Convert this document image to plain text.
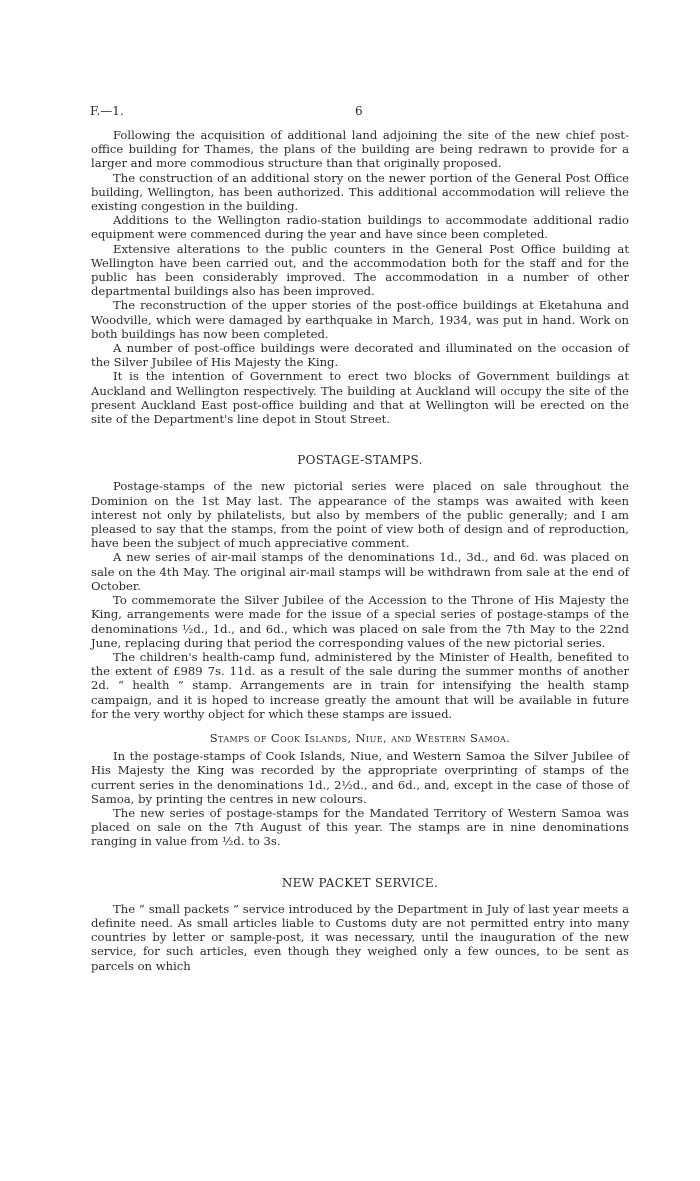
F.—1.	6

Following the acquisition of additional land adjoining the site of the new chief post-office building for Thames, the plans of the building are being redrawn to provide for a larger and more commodious structure than that originally proposed.

The construction of an additional story on the newer portion of the General Post Office building, Wellington, has been authorized. This additional accommodation will relieve the existing congestion in the building.

Additions to the Wellington radio-station buildings to accommodate additional radio equipment were commenced during the year and have since been completed.

Extensive alterations to the public counters in the General Post Office building at Wellington have been carried out, and the accommodation both for the staff and for the public has been considerably improved. The accommodation in a number of other departmental buildings also has been improved.

The reconstruction of the upper stories of the post-office buildings at Eketahuna and Woodville, which were damaged by earthquake in March, 1934, was put in hand. Work on both buildings has now been completed.

A number of post-office buildings were decorated and illuminated on the occasion of the Silver Jubilee of His Majesty the King.

It is the intention of Government to erect two blocks of Government buildings at Auckland and Wellington respectively. The building at Auckland will occupy the site of the present Auckland East post-office building and that at Wellington will be erected on the site of the Department's line depot in Stout Street.

POSTAGE-STAMPS.

Postage-stamps of the new pictorial series were placed on sale throughout the Dominion on the 1st May last. The appearance of the stamps was awaited with keen interest not only by philatelists, but also by members of the public generally; and I am pleased to say that the stamps, from the point of view both of design and of reproduction, have been the subject of much appreciative comment.

A new series of air-mail stamps of the denominations 1d., 3d., and 6d. was placed on sale on the 4th May. The original air-mail stamps will be withdrawn from sale at the end of October.

To commemorate the Silver Jubilee of the Accession to the Throne of His Majesty the King, arrangements were made for the issue of a special series of postage-stamps of the denominations ½d., 1d., and 6d., which was placed on sale from the 7th May to the 22nd June, replacing during that period the corresponding values of the new pictorial series.

The children's health-camp fund, administered by the Minister of Health, benefited to the extent of £989 7s. 11d. as a result of the sale during the summer months of another 2d. “ health ” stamp. Arrangements are in train for intensifying the health stamp campaign, and it is hoped to increase greatly the amount that will be available in future for the very worthy object for which these stamps are issued.

Stamps of Cook Islands, Niue, and Western Samoa.

In the postage-stamps of Cook Islands, Niue, and Western Samoa the Silver Jubilee of His Majesty the King was recorded by the appropriate overprinting of stamps of the current series in the denominations 1d., 2½d., and 6d., and, except in the case of those of Samoa, by printing the centres in new colours.

The new series of postage-stamps for the Mandated Territory of Western Samoa was placed on sale on the 7th August of this year. The stamps are in nine denominations ranging in value from ½d. to 3s.

NEW PACKET SERVICE.

The “ small packets ” service introduced by the Department in July of last year meets a definite need. As small articles liable to Customs duty are not permitted entry into many countries by letter or sample-post, it was necessary, until the inauguration of the new service, for such articles, even though they weighed only a few ounces, to be sent as parcels on which
